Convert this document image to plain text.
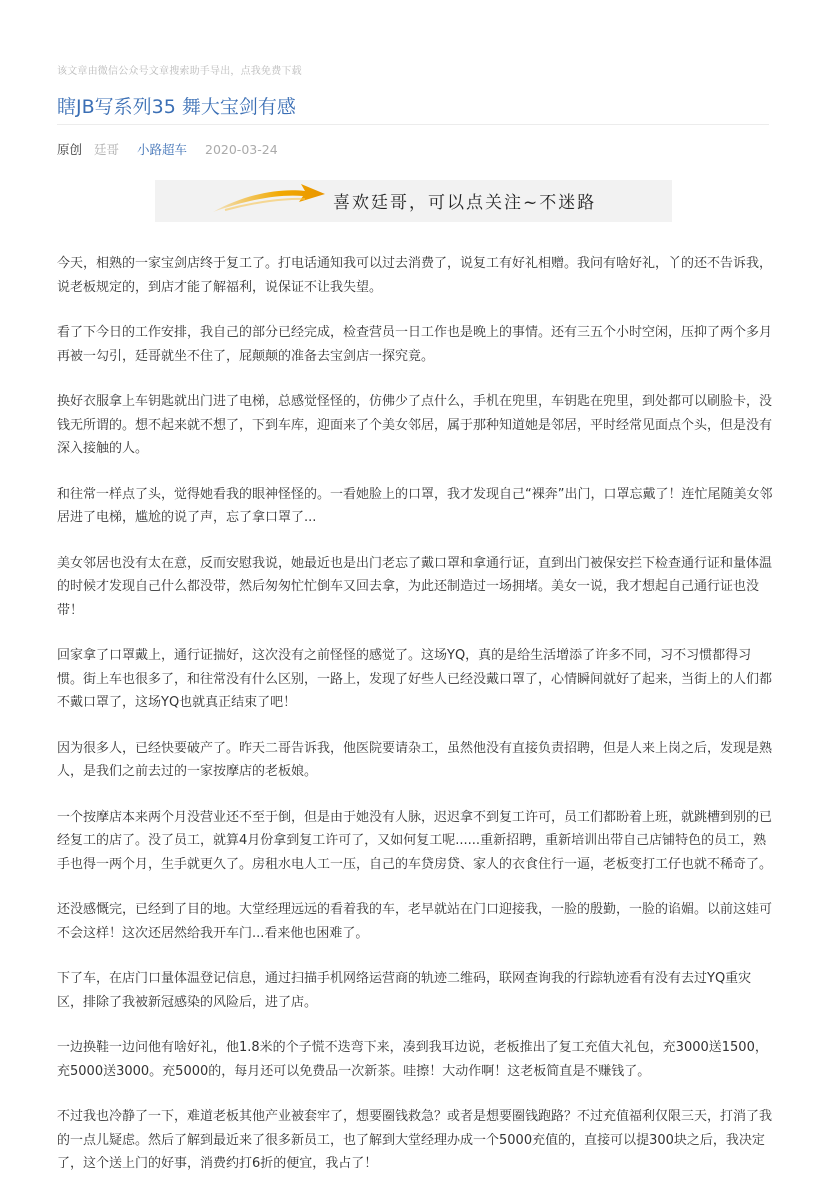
该文章由微信公众号文章搜索助手导出，点我免费下载
瞎JB写系列35 舞大宝剑有感
原创 廷哥 小路超车 2020-03-24
喜欢廷哥，可以点关注~不迷路

今天，相熟的一家宝剑店终于复工了。打电话通知我可以过去消费了，说复工有好礼相赠。我问有啥好礼，丫的还不告诉我，说老板规定的，到店才能了解福利，说保证不让我失望。

看了下今日的工作安排，我自己的部分已经完成，检查营员一日工作也是晚上的事情。还有三五个小时空闲，压抑了两个多月再被一勾引，廷哥就坐不住了，屁颠颠的准备去宝剑店一探究竟。

换好衣服拿上车钥匙就出门进了电梯，总感觉怪怪的，仿佛少了点什么，手机在兜里，车钥匙在兜里，到处都可以刷脸卡，没钱无所谓的。想不起来就不想了，下到车库，迎面来了个美女邻居，属于那种知道她是邻居，平时经常见面点个头，但是没有深入接触的人。

和往常一样点了头，觉得她看我的眼神怪怪的。一看她脸上的口罩，我才发现自己“裸奔”出门，口罩忘戴了！连忙尾随美女邻居进了电梯，尴尬的说了声，忘了拿口罩了...

美女邻居也没有太在意，反而安慰我说，她最近也是出门老忘了戴口罩和拿通行证，直到出门被保安拦下检查通行证和量体温的时候才发现自己什么都没带，然后匆匆忙忙倒车又回去拿，为此还制造过一场拥堵。美女一说，我才想起自己通行证也没带！

回家拿了口罩戴上，通行证揣好，这次没有之前怪怪的感觉了。这场YQ，真的是给生活增添了许多不同，习不习惯都得习惯。街上车也很多了，和往常没有什么区别，一路上，发现了好些人已经没戴口罩了，心情瞬间就好了起来，当街上的人们都不戴口罩了，这场YQ也就真正结束了吧！

因为很多人，已经快要破产了。昨天二哥告诉我，他医院要请杂工，虽然他没有直接负责招聘，但是人来上岗之后，发现是熟人，是我们之前去过的一家按摩店的老板娘。

一个按摩店本来两个月没营业还不至于倒，但是由于她没有人脉，迟迟拿不到复工许可，员工们都盼着上班，就跳槽到别的已经复工的店了。没了员工，就算4月份拿到复工许可了，又如何复工呢......重新招聘，重新培训出带自己店铺特色的员工，熟手也得一两个月，生手就更久了。房租水电人工一压，自己的车贷房贷、家人的衣食住行一逼，老板变打工仔也就不稀奇了。

还没感慨完，已经到了目的地。大堂经理远远的看着我的车，老早就站在门口迎接我，一脸的殷勤，一脸的谄媚。以前这娃可不会这样！这次还居然给我开车门...看来他也困难了。

下了车，在店门口量体温登记信息，通过扫描手机网络运营商的轨迹二维码，联网查询我的行踪轨迹看有没有去过YQ重灾区，排除了我被新冠感染的风险后，进了店。

一边换鞋一边问他有啥好礼，他1.8米的个子慌不迭弯下来，凑到我耳边说，老板推出了复工充值大礼包，充3000送1500，充5000送3000。充5000的，每月还可以免费品一次新茶。哇擦！大动作啊！这老板简直是不赚钱了。

不过我也冷静了一下，难道老板其他产业被套牢了，想要圈钱救急？或者是想要圈钱跑路？不过充值福利仅限三天，打消了我的一点儿疑虑。然后了解到最近来了很多新员工，也了解到大堂经理办成一个5000充值的，直接可以提300块之后，我决定了，这个送上门的好事，消费约打6折的便宜，我占了！
